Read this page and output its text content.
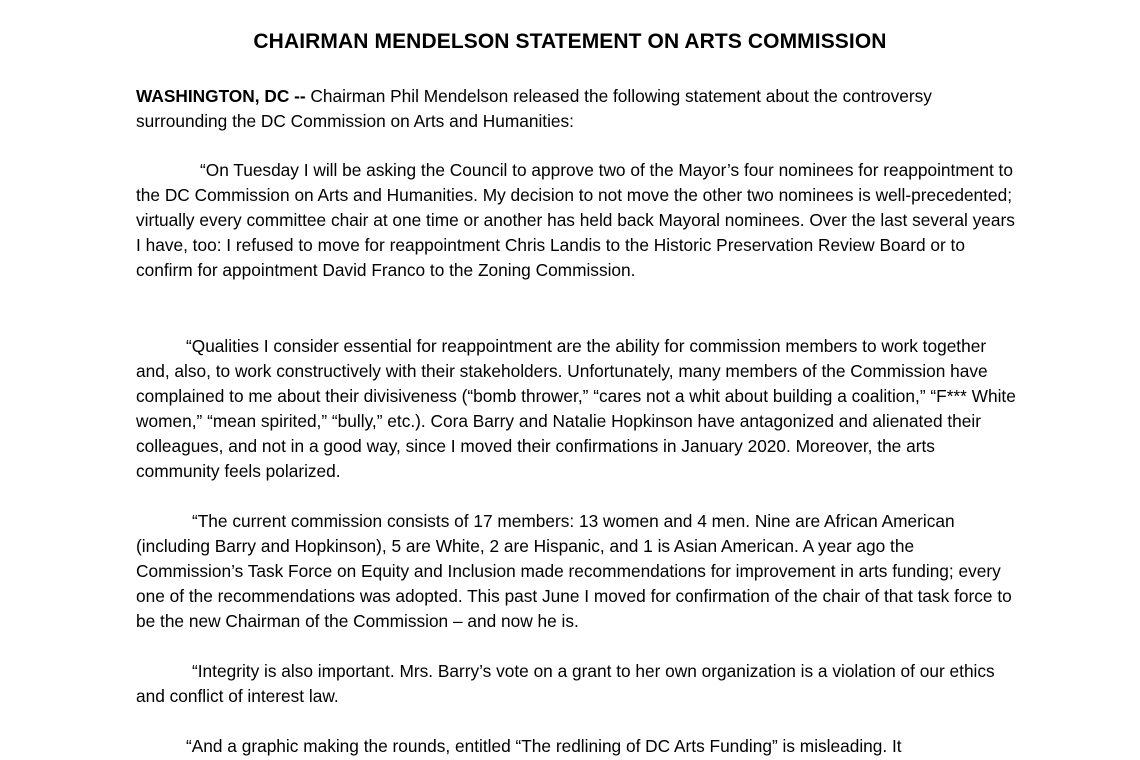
CHAIRMAN MENDELSON STATEMENT ON ARTS COMMISSION

WASHINGTON, DC -- Chairman Phil Mendelson released the following statement about the controversy surrounding the DC Commission on Arts and Humanities:

“On Tuesday I will be asking the Council to approve two of the Mayor’s four nominees for reappointment to the DC Commission on Arts and Humanities. My decision to not move the other two nominees is well-precedented; virtually every committee chair at one time or another has held back Mayoral nominees. Over the last several years I have, too: I refused to move for reappointment Chris Landis to the Historic Preservation Review Board or to confirm for appointment David Franco to the Zoning Commission.

“Qualities I consider essential for reappointment are the ability for commission members to work together and, also, to work constructively with their stakeholders. Unfortunately, many members of the Commission have complained to me about their divisiveness (“bomb thrower,” “cares not a whit about building a coalition,” “F*** White women,” “mean spirited,” “bully,” etc.). Cora Barry and Natalie Hopkinson have antagonized and alienated their colleagues, and not in a good way, since I moved their confirmations in January 2020. Moreover, the arts community feels polarized.

“The current commission consists of 17 members: 13 women and 4 men. Nine are African American (including Barry and Hopkinson), 5 are White, 2 are Hispanic, and 1 is Asian American. A year ago the Commission’s Task Force on Equity and Inclusion made recommendations for improvement in arts funding; every one of the recommendations was adopted. This past June I moved for confirmation of the chair of that task force to be the new Chairman of the Commission – and now he is.

“Integrity is also important. Mrs. Barry’s vote on a grant to her own organization is a violation of our ethics and conflict of interest law.

“And a graphic making the rounds, entitled “The redlining of DC Arts Funding” is misleading. It
